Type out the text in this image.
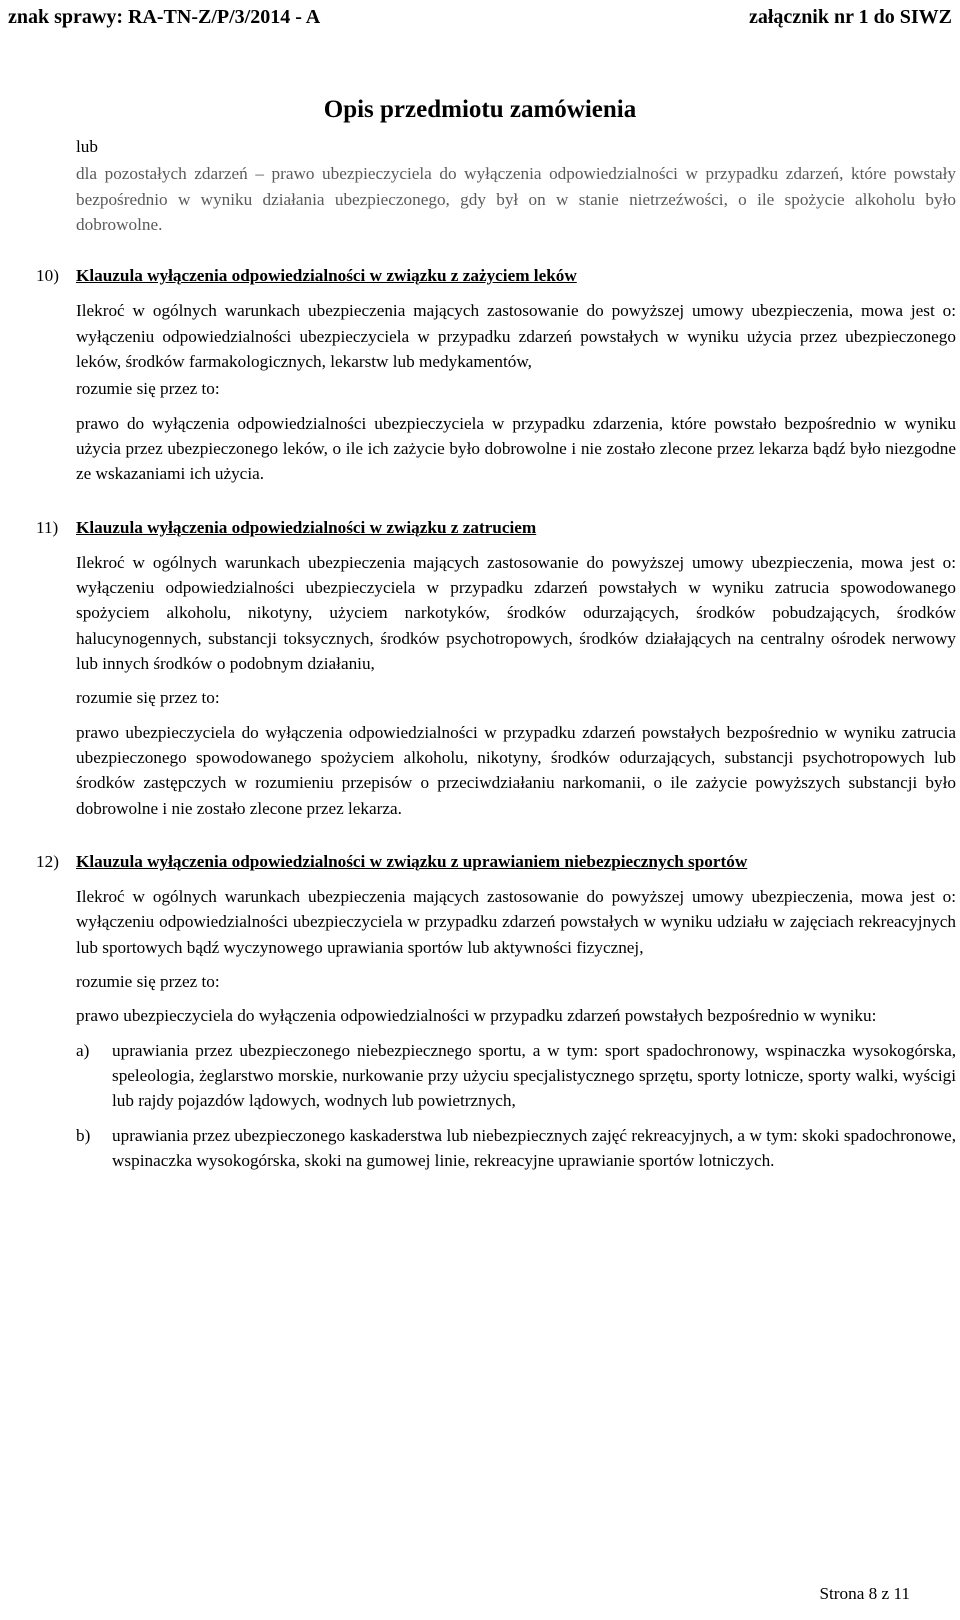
znak sprawy: RA-TN-Z/P/3/2014 - A	załącznik nr 1 do SIWZ
Opis przedmiotu zamówienia

lub

dla pozostałych zdarzeń – prawo ubezpieczyciela do wyłączenia odpowiedzialności w przypadku zdarzeń, które powstały bezpośrednio w wyniku działania ubezpieczonego, gdy był on w stanie nietrzeźwości, o ile spożycie alkoholu było dobrowolne.

10) Klauzula wyłączenia odpowiedzialności w związku z zażyciem leków

Ilekroć w ogólnych warunkach ubezpieczenia mających zastosowanie do powyższej umowy ubezpieczenia, mowa jest o: wyłączeniu odpowiedzialności ubezpieczyciela w przypadku zdarzeń powstałych w wyniku użycia przez ubezpieczonego leków, środków farmakologicznych, lekarstw lub medykamentów,

rozumie się przez to:

prawo do wyłączenia odpowiedzialności ubezpieczyciela w przypadku zdarzenia, które powstało bezpośrednio w wyniku użycia przez ubezpieczonego leków, o ile ich zażycie było dobrowolne i nie zostało zlecone przez lekarza bądź było niezgodne ze wskazaniami ich użycia.

11) Klauzula wyłączenia odpowiedzialności w związku z zatruciem

Ilekroć w ogólnych warunkach ubezpieczenia mających zastosowanie do powyższej umowy ubezpieczenia, mowa jest o: wyłączeniu odpowiedzialności ubezpieczyciela w przypadku zdarzeń powstałych w wyniku zatrucia spowodowanego spożyciem alkoholu, nikotyny, użyciem narkotyków, środków odurzających, środków pobudzających, środków halucynogennych, substancji toksycznych, środków psychotropowych, środków działających na centralny ośrodek nerwowy lub innych środków o podobnym działaniu,

rozumie się przez to:

prawo ubezpieczyciela do wyłączenia odpowiedzialności w przypadku zdarzeń powstałych bezpośrednio w wyniku zatrucia ubezpieczonego spowodowanego spożyciem alkoholu, nikotyny, środków odurzających, substancji psychotropowych lub środków zastępczych w rozumieniu przepisów o przeciwdziałaniu narkomanii, o ile zażycie powyższych substancji było dobrowolne i nie zostało zlecone przez lekarza.

12) Klauzula wyłączenia odpowiedzialności w związku z uprawianiem niebezpiecznych sportów

Ilekroć w ogólnych warunkach ubezpieczenia mających zastosowanie do powyższej umowy ubezpieczenia, mowa jest o: wyłączeniu odpowiedzialności ubezpieczyciela w przypadku zdarzeń powstałych w wyniku udziału w zajęciach rekreacyjnych lub sportowych bądź wyczynowego uprawiania sportów lub aktywności fizycznej,

rozumie się przez to:

prawo ubezpieczyciela do wyłączenia odpowiedzialności w przypadku zdarzeń powstałych bezpośrednio w wyniku:

a) uprawiania przez ubezpieczonego niebezpiecznego sportu, a w tym: sport spadochronowy, wspinaczka wysokogórska, speleologia, żeglarstwo morskie, nurkowanie przy użyciu specjalistycznego sprzętu, sporty lotnicze, sporty walki, wyścigi lub rajdy pojazdów lądowych, wodnych lub powietrznych,
b) uprawiania przez ubezpieczonego kaskaderstwa lub niebezpiecznych zajęć rekreacyjnych, a w tym: skoki spadochronowe, wspinaczka wysokogórska, skoki na gumowej linie, rekreacyjne uprawianie sportów lotniczych.
Strona 8 z 11
